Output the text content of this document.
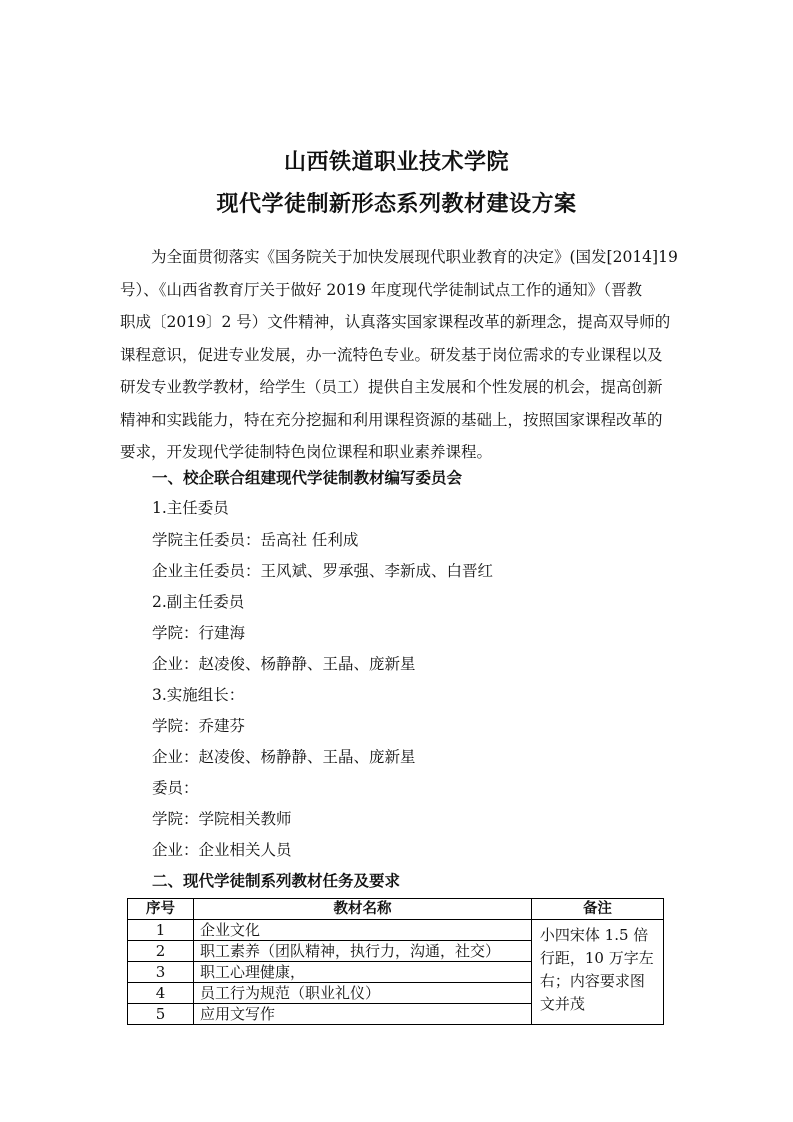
山西铁道职业技术学院
现代学徒制新形态系列教材建设方案
为全面贯彻落实《国务院关于加快发展现代职业教育的决定》(国发[2014]19
号）、《山西省教育厅关于做好 2019 年度现代学徒制试点工作的通知》（晋教
职成〔2019〕2 号）文件精神，认真落实国家课程改革的新理念，提高双导师的
课程意识，促进专业发展，办一流特色专业。研发基于岗位需求的专业课程以及
研发专业教学教材，给学生（员工）提供自主发展和个性发展的机会，提高创新
精神和实践能力，特在充分挖掘和利用课程资源的基础上，按照国家课程改革的
要求，开发现代学徒制特色岗位课程和职业素养课程。
一、校企联合组建现代学徒制教材编写委员会
1.主任委员
学院主任委员：岳高社 任利成
企业主任委员：王风斌、罗承强、李新成、白晋红
2.副主任委员
学院：行建海
企业：赵凌俊、杨静静、王晶、庞新星
3.实施组长：
学院：乔建芬
企业：赵凌俊、杨静静、王晶、庞新星
委员：
学院：学院相关教师
企业：企业相关人员
二、现代学徒制系列教材任务及要求
序号	教材名称	备注
1	企业文化	小四宋体 1.5 倍行距，10 万字左右；内容要求图文并茂
2	职工素养（团队精神，执行力，沟通，社交）	
3	职工心理健康，	
4	员工行为规范（职业礼仪）	
5	应用文写作	
